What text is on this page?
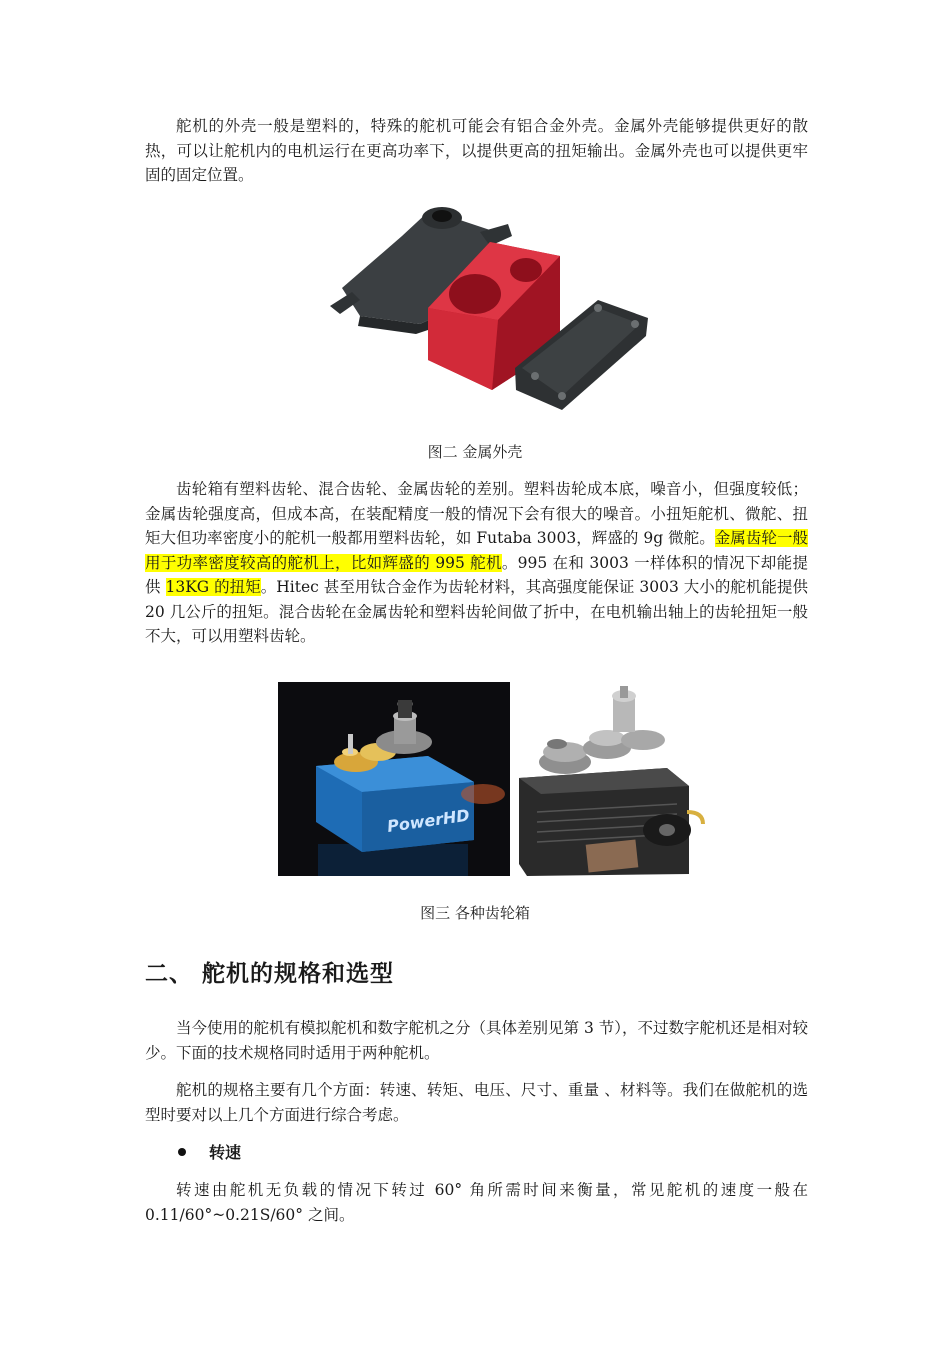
舵机的外壳一般是塑料的，特殊的舵机可能会有铝合金外壳。金属外壳能够提供更好的散热，可以让舵机内的电机运行在更高功率下，以提供更高的扭矩输出。金属外壳也可以提供更牢固的固定位置。

图二 金属外壳

齿轮箱有塑料齿轮、混合齿轮、金属齿轮的差别。塑料齿轮成本底，噪音小，但强度较低；金属齿轮强度高，但成本高，在装配精度一般的情况下会有很大的噪音。小扭矩舵机、微舵、扭矩大但功率密度小的舵机一般都用塑料齿轮，如 Futaba 3003，辉盛的 9g 微舵。金属齿轮一般用于功率密度较高的舵机上，比如辉盛的 995 舵机。995 在和 3003 一样体积的情况下却能提供 13KG 的扭矩。Hitec 甚至用钛合金作为齿轮材料，其高强度能保证 3003 大小的舵机能提供 20 几公斤的扭矩。混合齿轮在金属齿轮和塑料齿轮间做了折中，在电机输出轴上的齿轮扭矩一般不大，可以用塑料齿轮。

PowerHD

图三 各种齿轮箱

二、 舵机的规格和选型

当今使用的舵机有模拟舵机和数字舵机之分（具体差别见第 3 节），不过数字舵机还是相对较少。下面的技术规格同时适用于两种舵机。

舵机的规格主要有几个方面：转速、转矩、电压、尺寸、重量 、材料等。我们在做舵机的选型时要对以上几个方面进行综合考虑。

转速

转速由舵机无负载的情况下转过 60° 角所需时间来衡量，常见舵机的速度一般在 0.11/60°~0.21S/60° 之间。
